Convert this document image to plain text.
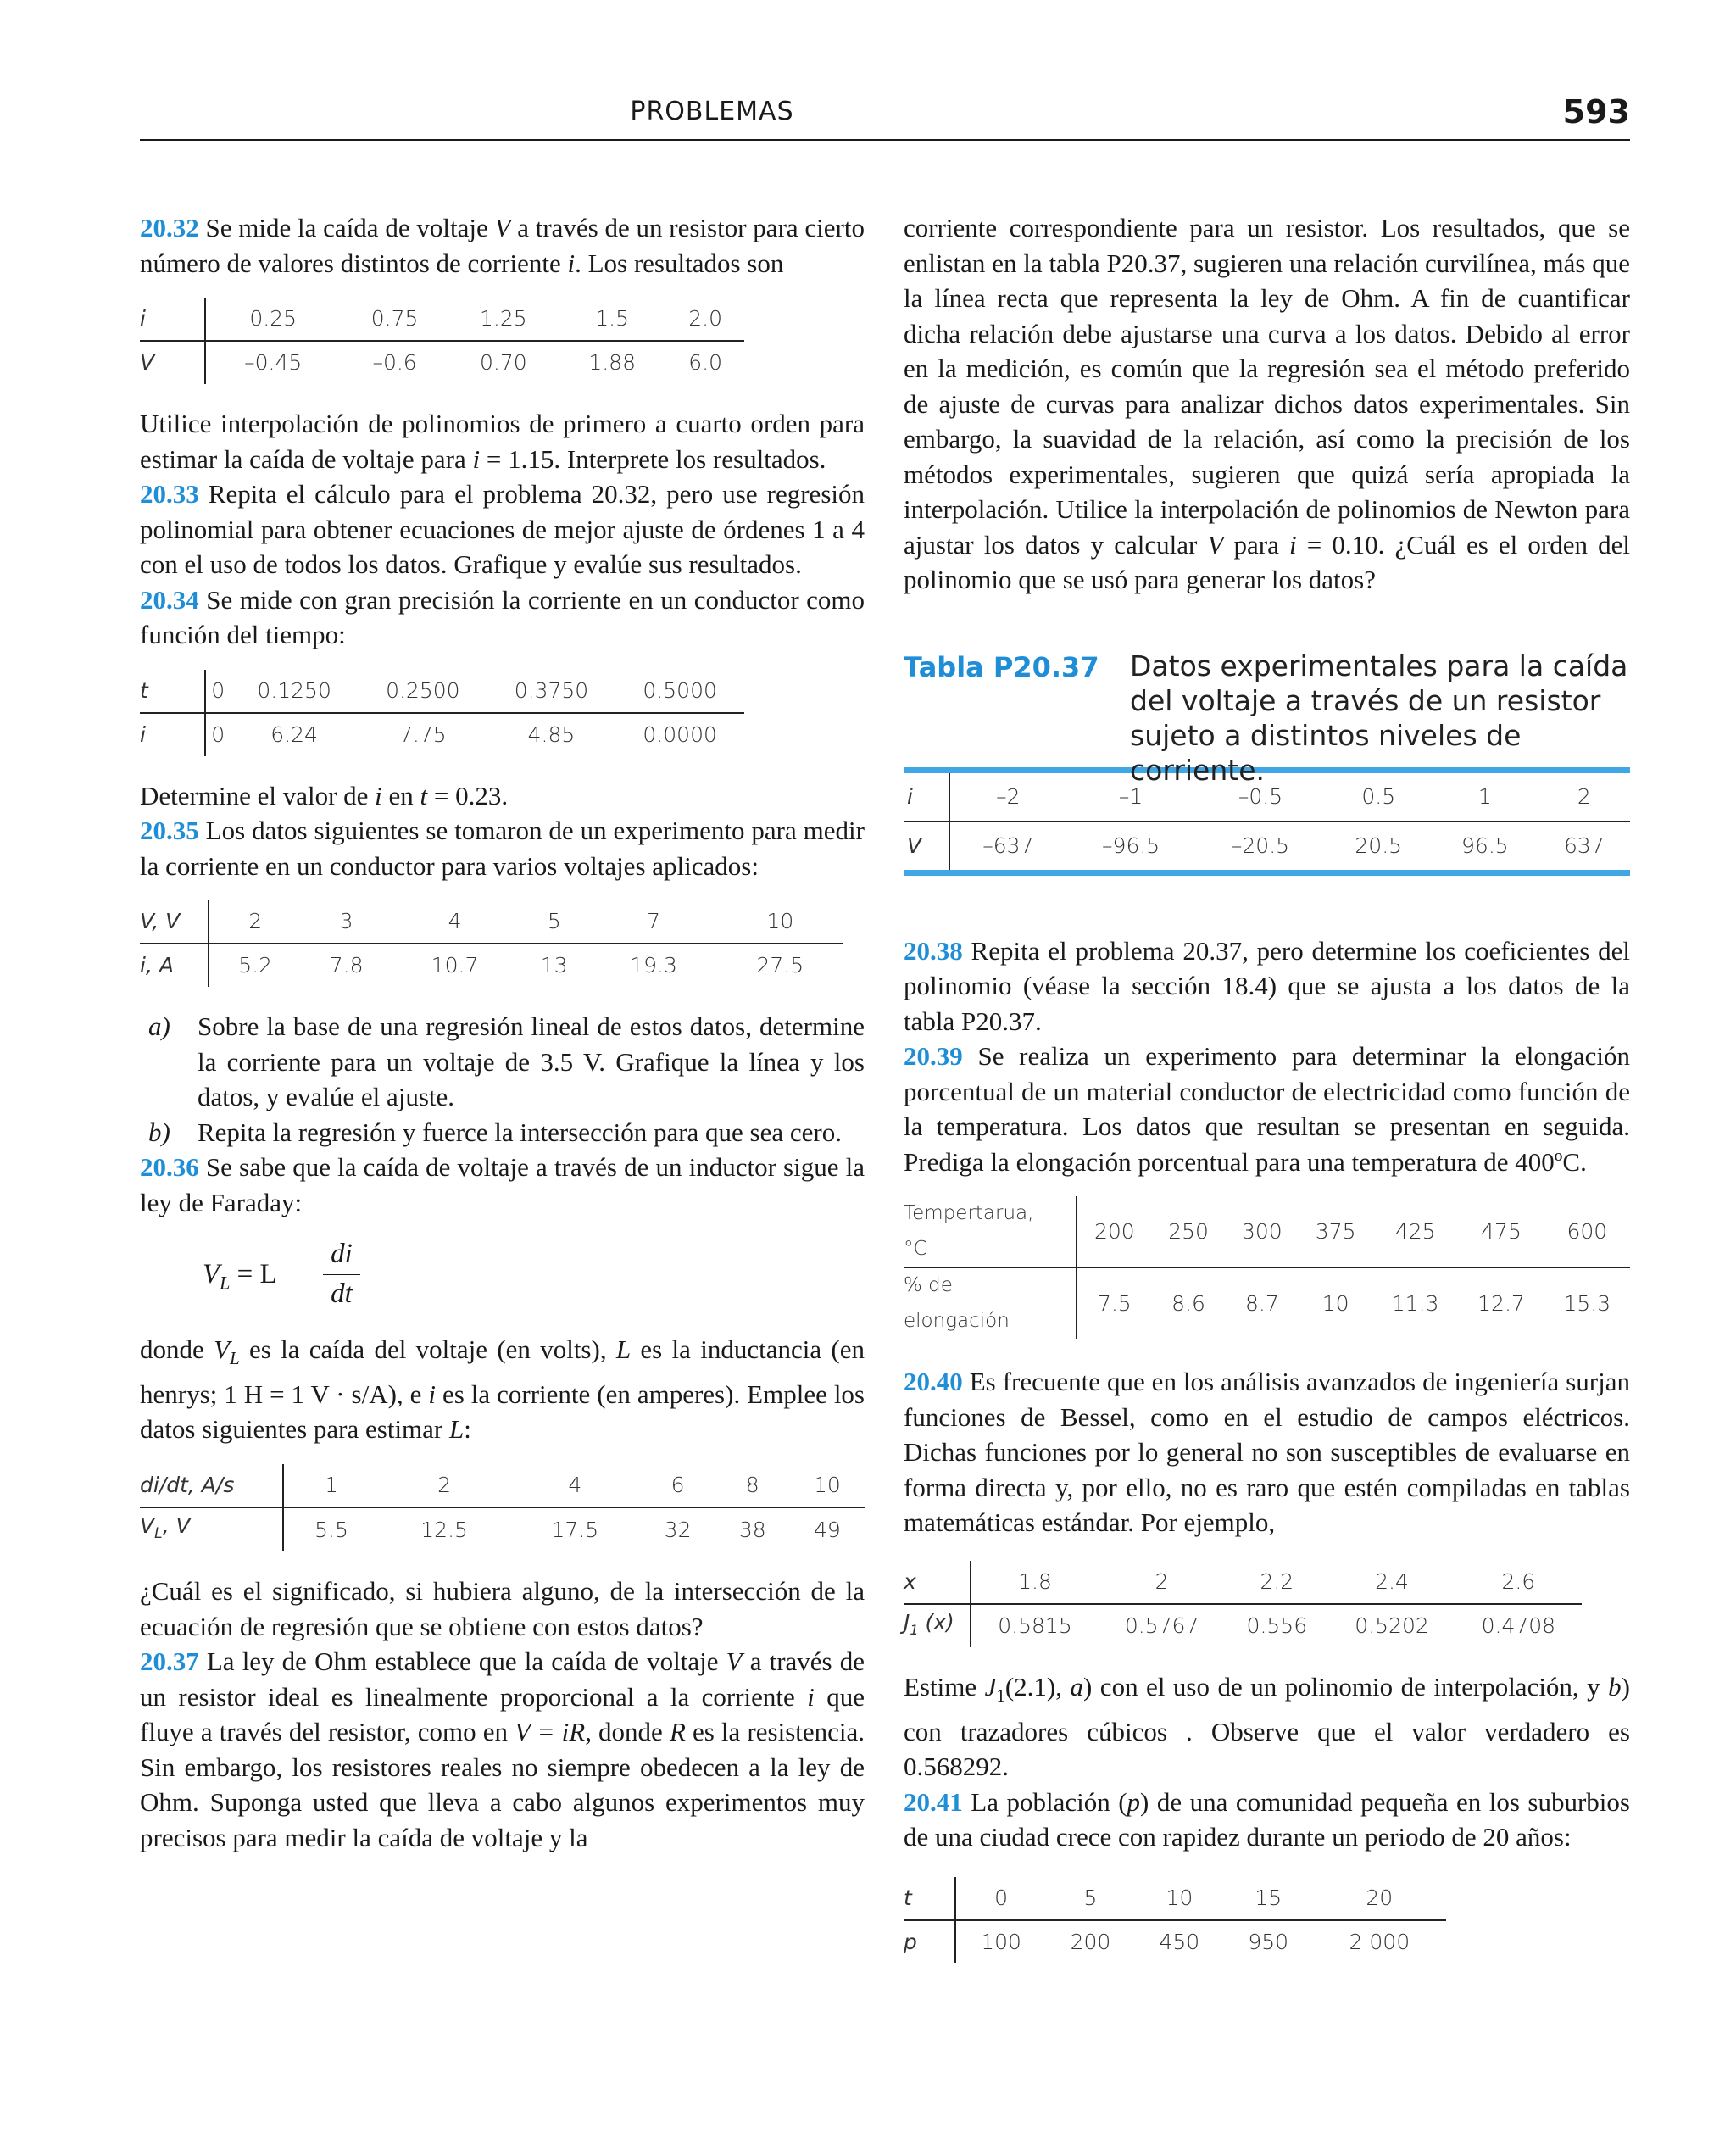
PROBLEMAS	593

20.32 Se mide la caída de voltaje V a través de un resistor para cierto número de valores distintos de corriente i. Los resultados son

i	0.25	0.75	1.25	1.5	2.0
V	–0.45	–0.6	0.70	1.88	6.0

Utilice interpolación de polinomios de primero a cuarto orden para estimar la caída de voltaje para i = 1.15. Interprete los resultados.

20.33 Repita el cálculo para el problema 20.32, pero use regresión polinomial para obtener ecuaciones de mejor ajuste de órdenes 1 a 4 con el uso de todos los datos. Grafique y evalúe sus resultados.

20.34 Se mide con gran precisión la corriente en un conductor como función del tiempo:

t	0	0.1250	0.2500	0.3750	0.5000
i	0	6.24	7.75	4.85	0.0000

Determine el valor de i en t = 0.23.

20.35 Los datos siguientes se tomaron de un experimento para medir la corriente en un conductor para varios voltajes aplicados:

V, V	2	3	4	5	7	10
i, A	5.2	7.8	10.7	13	19.3	27.5
a) Sobre la base de una regresión lineal de estos datos, determine la corriente para un voltaje de 3.5 V. Grafique la línea y los datos, y evalúe el ajuste.
b) Repita la regresión y fuerce la intersección para que sea cero.

20.36 Se sabe que la caída de voltaje a través de un inductor sigue la ley de Faraday:

$V_L = L \frac{di}{dt}$

donde $V_L$ es la caída del voltaje (en volts), L es la inductancia (en henrys; 1 H = 1 V · s/A), e i es la corriente (en amperes). Emplee los datos siguientes para estimar L:

di/dt, A/s	1	2	4	6	8	10
$V_L$, V	5.5	12.5	17.5	32	38	49

¿Cuál es el significado, si hubiera alguno, de la intersección de la ecuación de regresión que se obtiene con estos datos?

20.37 La ley de Ohm establece que la caída de voltaje V a través de un resistor ideal es linealmente proporcional a la corriente i que fluye a través del resistor, como en V = iR, donde R es la resistencia. Sin embargo, los resistores reales no siempre obedecen a la ley de Ohm. Suponga usted que lleva a cabo algunos experimentos muy precisos para medir la caída de voltaje y la

corriente correspondiente para un resistor. Los resultados, que se enlistan en la tabla P20.37, sugieren una relación curvilínea, más que la línea recta que representa la ley de Ohm. A fin de cuantificar dicha relación debe ajustarse una curva a los datos. Debido al error en la medición, es común que la regresión sea el método preferido de ajuste de curvas para analizar dichos datos experimentales. Sin embargo, la suavidad de la relación, así como la precisión de los métodos experimentales, sugieren que quizá sería apropiada la interpolación. Utilice la interpolación de polinomios de Newton para ajustar los datos y calcular V para i = 0.10. ¿Cuál es el orden del polinomio que se usó para generar los datos?

Tabla P20.37 Datos experimentales para la caída del voltaje a través de un resistor sujeto a distintos niveles de corriente.
i	–2	–1	–0.5	0.5	1	2
V	–637	–96.5	–20.5	20.5	96.5	637

20.38 Repita el problema 20.37, pero determine los coeficientes del polinomio (véase la sección 18.4) que se ajusta a los datos de la tabla P20.37.

20.39 Se realiza un experimento para determinar la elongación porcentual de un material conductor de electricidad como función de la temperatura. Los datos que resultan se presentan en seguida. Prediga la elongación porcentual para una temperatura de 400ºC.

Tempertarua, °C	200	250	300	375	425	475	600
% de elongación	7.5	8.6	8.7	10	11.3	12.7	15.3

20.40 Es frecuente que en los análisis avanzados de ingeniería surjan funciones de Bessel, como en el estudio de campos eléctricos. Dichas funciones por lo general no son susceptibles de evaluarse en forma directa y, por ello, no es raro que estén compiladas en tablas matemáticas estándar. Por ejemplo,

x	1.8	2	2.2	2.4	2.6
$J_1$ (x)	0.5815	0.5767	0.556	0.5202	0.4708

Estime $J_1(2.1)$, a) con el uso de un polinomio de interpolación, y b) con trazadores cúbicos . Observe que el valor verdadero es 0.568292.

20.41 La población (p) de una comunidad pequeña en los suburbios de una ciudad crece con rapidez durante un periodo de 20 años:

t	0	5	10	15	20
p	100	200	450	950	2 000
